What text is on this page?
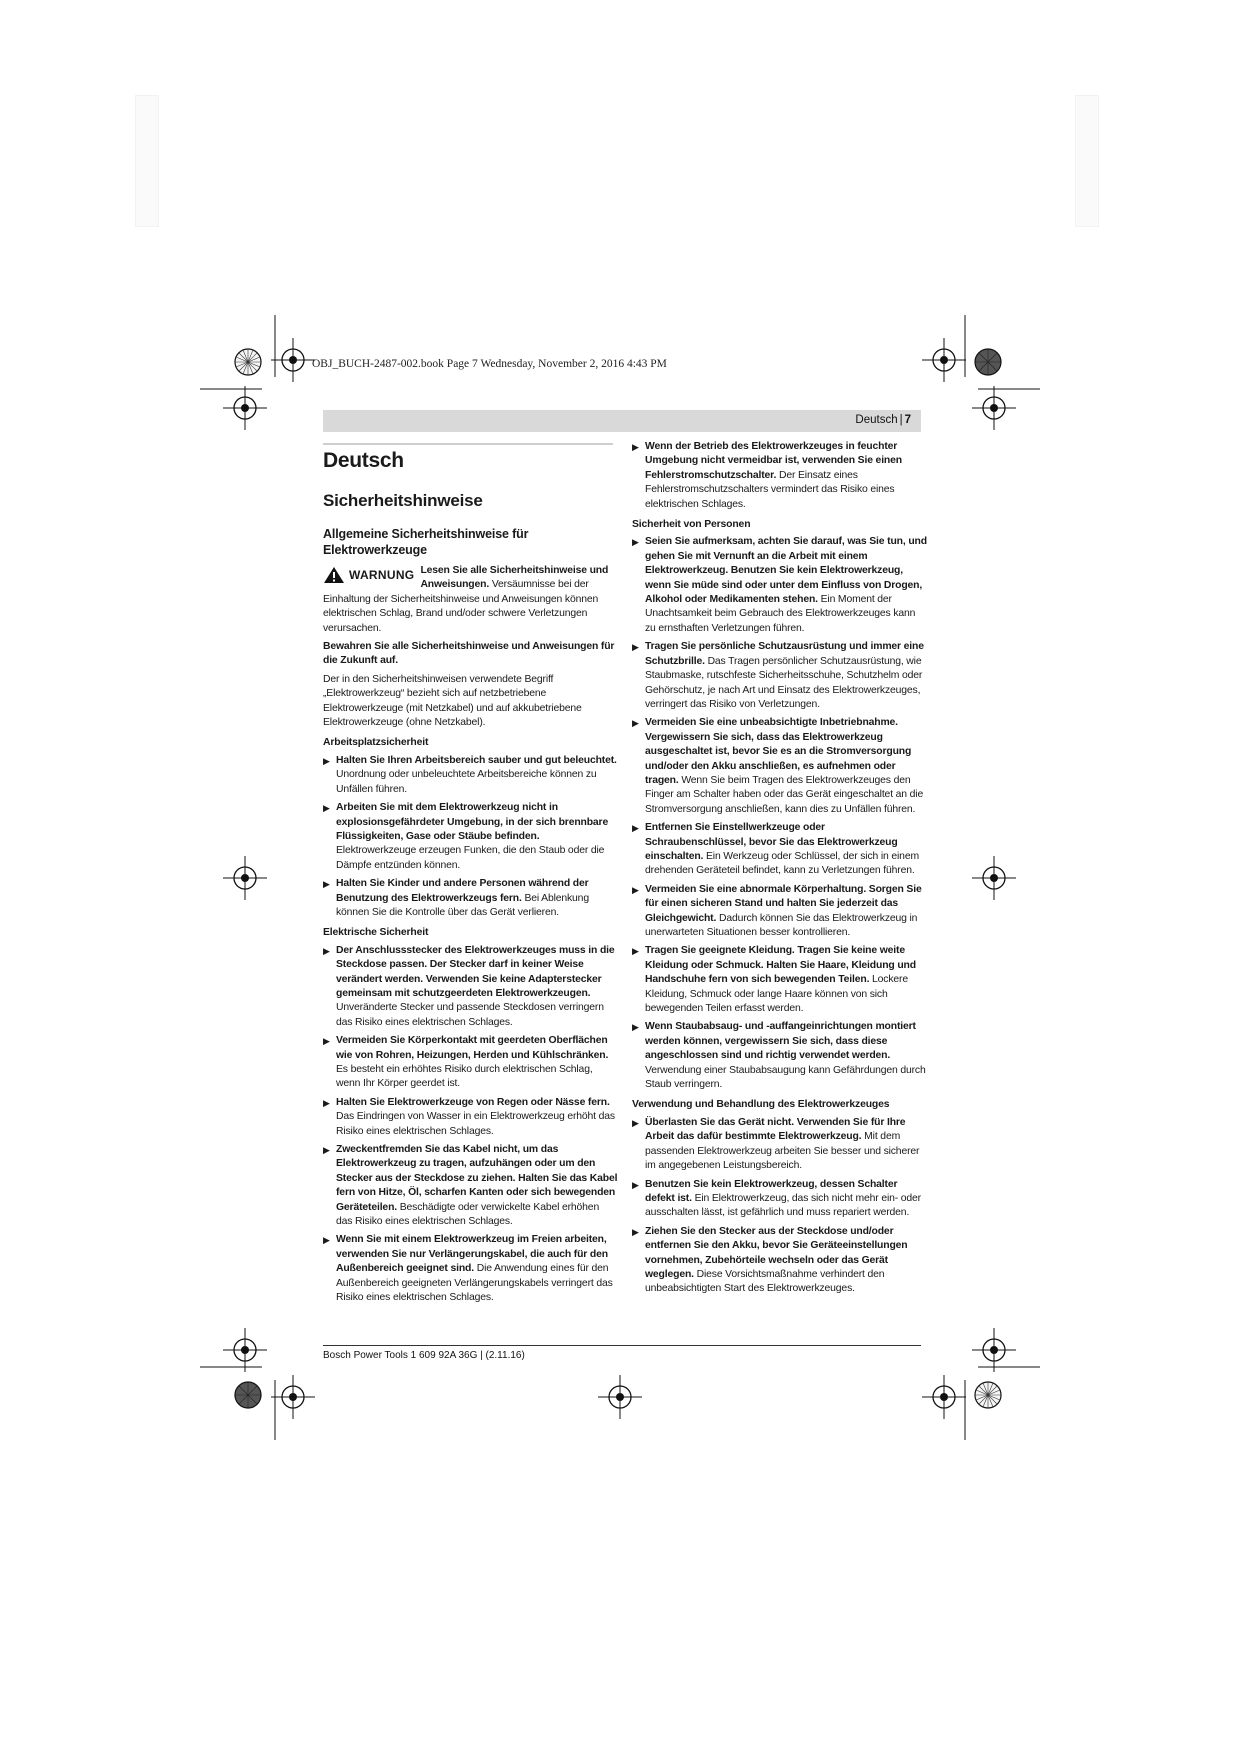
OBJ_BUCH-2487-002.book Page 7 Wednesday, November 2, 2016 4:43 PM
Deutsch | 7
Deutsch
Sicherheitshinweise
Allgemeine Sicherheitshinweise für Elektrowerkzeuge
WARNUNG Lesen Sie alle Sicherheitshinweise und Anweisungen. Versäumnisse bei der Einhaltung der Sicherheitshinweise und Anweisungen können elektrischen Schlag, Brand und/oder schwere Verletzungen verursachen.
Bewahren Sie alle Sicherheitshinweise und Anweisungen für die Zukunft auf.
Der in den Sicherheitshinweisen verwendete Begriff „Elektrowerkzeug“ bezieht sich auf netzbetriebene Elektrowerkzeuge (mit Netzkabel) und auf akkubetriebene Elektrowerkzeuge (ohne Netzkabel).
Arbeitsplatzsicherheit
▶ Halten Sie Ihren Arbeitsbereich sauber und gut beleuchtet. Unordnung oder unbeleuchtete Arbeitsbereiche können zu Unfällen führen.
▶ Arbeiten Sie mit dem Elektrowerkzeug nicht in explosionsgefährdeter Umgebung, in der sich brennbare Flüssigkeiten, Gase oder Stäube befinden. Elektrowerkzeuge erzeugen Funken, die den Staub oder die Dämpfe entzünden können.
▶ Halten Sie Kinder und andere Personen während der Benutzung des Elektrowerkzeugs fern. Bei Ablenkung können Sie die Kontrolle über das Gerät verlieren.
Elektrische Sicherheit
▶ Der Anschlussstecker des Elektrowerkzeuges muss in die Steckdose passen. Der Stecker darf in keiner Weise verändert werden. Verwenden Sie keine Adapterstecker gemeinsam mit schutzgeerdeten Elektrowerkzeugen. Unveränderte Stecker und passende Steckdosen verringern das Risiko eines elektrischen Schlages.
▶ Vermeiden Sie Körperkontakt mit geerdeten Oberflächen wie von Rohren, Heizungen, Herden und Kühlschränken. Es besteht ein erhöhtes Risiko durch elektrischen Schlag, wenn Ihr Körper geerdet ist.
▶ Halten Sie Elektrowerkzeuge von Regen oder Nässe fern. Das Eindringen von Wasser in ein Elektrowerkzeug erhöht das Risiko eines elektrischen Schlages.
▶ Zweckentfremden Sie das Kabel nicht, um das Elektrowerkzeug zu tragen, aufzuhängen oder um den Stecker aus der Steckdose zu ziehen. Halten Sie das Kabel fern von Hitze, Öl, scharfen Kanten oder sich bewegenden Geräteteilen. Beschädigte oder verwickelte Kabel erhöhen das Risiko eines elektrischen Schlages.
▶ Wenn Sie mit einem Elektrowerkzeug im Freien arbeiten, verwenden Sie nur Verlängerungskabel, die auch für den Außenbereich geeignet sind. Die Anwendung eines für den Außenbereich geeigneten Verlängerungskabels verringert das Risiko eines elektrischen Schlages.
▶ Wenn der Betrieb des Elektrowerkzeuges in feuchter Umgebung nicht vermeidbar ist, verwenden Sie einen Fehlerstromschutzschalter. Der Einsatz eines Fehlerstromschutzschalters vermindert das Risiko eines elektrischen Schlages.
Sicherheit von Personen
▶ Seien Sie aufmerksam, achten Sie darauf, was Sie tun, und gehen Sie mit Vernunft an die Arbeit mit einem Elektrowerkzeug. Benutzen Sie kein Elektrowerkzeug, wenn Sie müde sind oder unter dem Einfluss von Drogen, Alkohol oder Medikamenten stehen. Ein Moment der Unachtsamkeit beim Gebrauch des Elektrowerkzeuges kann zu ernsthaften Verletzungen führen.
▶ Tragen Sie persönliche Schutzausrüstung und immer eine Schutzbrille. Das Tragen persönlicher Schutzausrüstung, wie Staubmaske, rutschfeste Sicherheitsschuhe, Schutzhelm oder Gehörschutz, je nach Art und Einsatz des Elektrowerkzeuges, verringert das Risiko von Verletzungen.
▶ Vermeiden Sie eine unbeabsichtigte Inbetriebnahme. Vergewissern Sie sich, dass das Elektrowerkzeug ausgeschaltet ist, bevor Sie es an die Stromversorgung und/oder den Akku anschließen, es aufnehmen oder tragen. Wenn Sie beim Tragen des Elektrowerkzeuges den Finger am Schalter haben oder das Gerät eingeschaltet an die Stromversorgung anschließen, kann dies zu Unfällen führen.
▶ Entfernen Sie Einstellwerkzeuge oder Schraubenschlüssel, bevor Sie das Elektrowerkzeug einschalten. Ein Werkzeug oder Schlüssel, der sich in einem drehenden Geräteteil befindet, kann zu Verletzungen führen.
▶ Vermeiden Sie eine abnormale Körperhaltung. Sorgen Sie für einen sicheren Stand und halten Sie jederzeit das Gleichgewicht. Dadurch können Sie das Elektrowerkzeug in unerwarteten Situationen besser kontrollieren.
▶ Tragen Sie geeignete Kleidung. Tragen Sie keine weite Kleidung oder Schmuck. Halten Sie Haare, Kleidung und Handschuhe fern von sich bewegenden Teilen. Lockere Kleidung, Schmuck oder lange Haare können von sich bewegenden Teilen erfasst werden.
▶ Wenn Staubabsaug- und -auffangeinrichtungen montiert werden können, vergewissern Sie sich, dass diese angeschlossen sind und richtig verwendet werden. Verwendung einer Staubabsaugung kann Gefährdungen durch Staub verringern.
Verwendung und Behandlung des Elektrowerkzeuges
▶ Überlasten Sie das Gerät nicht. Verwenden Sie für Ihre Arbeit das dafür bestimmte Elektrowerkzeug. Mit dem passenden Elektrowerkzeug arbeiten Sie besser und sicherer im angegebenen Leistungsbereich.
▶ Benutzen Sie kein Elektrowerkzeug, dessen Schalter defekt ist. Ein Elektrowerkzeug, das sich nicht mehr ein- oder ausschalten lässt, ist gefährlich und muss repariert werden.
▶ Ziehen Sie den Stecker aus der Steckdose und/oder entfernen Sie den Akku, bevor Sie Geräteeinstellungen vornehmen, Zubehörteile wechseln oder das Gerät weglegen. Diese Vorsichtsmaßnahme verhindert den unbeabsichtigten Start des Elektrowerkzeuges.
Bosch Power Tools 1 609 92A 36G | (2.11.16)
